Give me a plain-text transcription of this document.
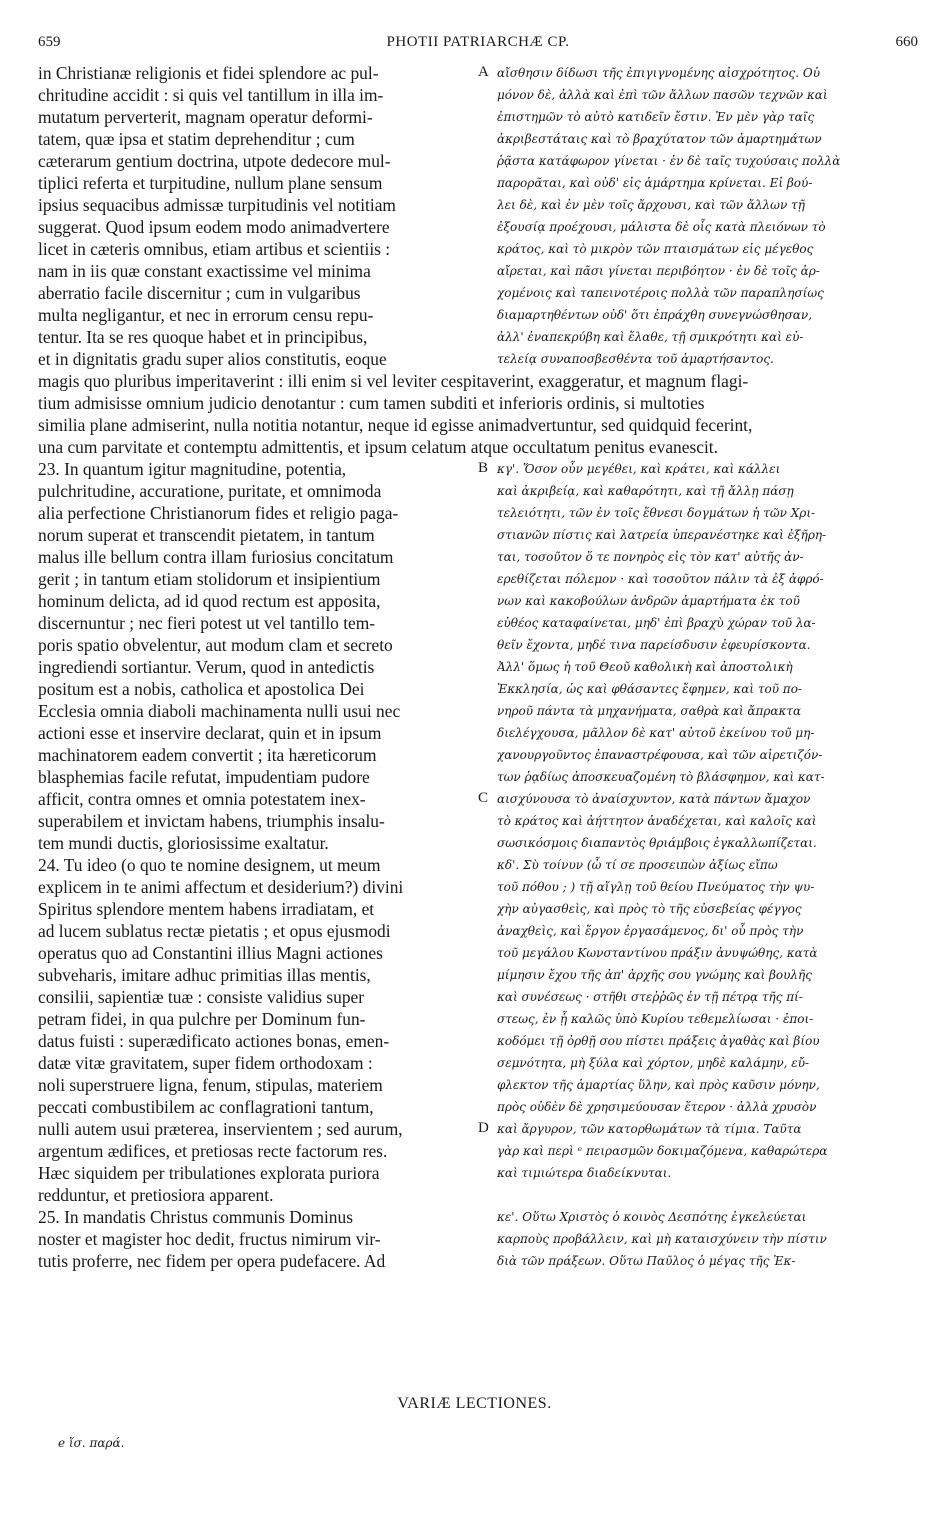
659	PHOTII PATRIARCHÆ CP.	660
in Christianæ religionis et fidei splendore ac pul-
chritudine accidit : si quis vel tantillum in illa im-
mutatum perverterit, magnam operatur deformi-
tatem, quæ ipsa et statim deprehenditur ; cum
cæterarum gentium doctrina, utpote dedecore mul-
tiplici referta et turpitudine, nullum plane sensum
ipsius sequacibus admissæ turpitudinis vel notitiam
suggerat. Quod ipsum eodem modo animadvertere
licet in cæteris omnibus, etiam artibus et scientiis :
nam in iis quæ constant exactissime vel minima
aberratio facile discernitur ; cum in vulgaribus
multa negligantur, et nec in errorum censu repu-
tentur. Ita se res quoque habet et in principibus,
et in dignitatis gradu super alios constitutis, eoque
αἴσθησιν δίδωσι τῆς ἐπιγιγνομένης αἰσχρότητος. Οὐ
μόνον δὲ, ἀλλὰ καὶ ἐπὶ τῶν ἄλλων πασῶν τεχνῶν καὶ
ἐπιστημῶν τὸ αὐτὸ κατιδεῖν ἔστιν. Ἐν μὲν γὰρ ταῖς
ἀκριβεστάταις καὶ τὸ βραχύτατον τῶν ἁμαρτημάτων
ῥᾷστα κατάφωρον γίνεται · ἐν δὲ ταῖς τυχούσαις πολλὰ
παρορᾶται, καὶ οὐδ' εἰς ἁμάρτημα κρίνεται. Εἰ βού-
λει δὲ, καὶ ἐν μὲν τοῖς ἄρχουσι, καὶ τῶν ἄλλων τῇ
ἐξουσίᾳ προέχουσι, μάλιστα δὲ οἷς κατὰ πλειόνων τὸ
κράτος, καὶ τὸ μικρὸν τῶν πταισμάτων εἰς μέγεθος
αἴρεται, καὶ πᾶσι γίνεται περιβόητον · ἐν δὲ τοῖς ἀρ-
χομένοις καὶ ταπεινοτέροις πολλὰ τῶν παραπλησίως
διαμαρτηθέντων οὐδ' ὅτι ἐπράχθη συνεγνώσθησαν,
ἀλλ' ἐναπεκρύβη καὶ ἔλαθε, τῇ σμικρότητι καὶ εὐ-
τελείᾳ συναποσβεσθέντα τοῦ ἁμαρτήσαντος.
magis quo pluribus imperitaverint : illi enim si vel leviter cespitaverint, exaggeratur, et magnum flagi-
tium admisisse omnium judicio denotantur : cum tamen subditi et inferioris ordinis, si multoties
similia plane admiserint, nulla notitia notantur, neque id egisse animadvertuntur, sed quidquid fecerint,
una cum parvitate et contemptu admittentis, et ipsum celatum atque occultatum penitus evanescit.
23. In quantum igitur magnitudine, potentia,
pulchritudine, accuratione, puritate, et omnimoda
alia perfectione Christianorum fides et religio paga-
norum superat et transcendit pietatem, in tantum
malus ille bellum contra illam furiosius concitatum
gerit ; in tantum etiam stolidorum et insipientium
hominum delicta, ad id quod rectum est apposita,
discernuntur ; nec fieri potest ut vel tantillo tem-
poris spatio obvelentur, aut modum clam et secreto
ingrediendi sortiantur. Verum, quod in antedictis
positum est a nobis, catholica et apostolica Dei
Ecclesia omnia diaboli machinamenta nulli usui nec
actioni esse et inservire declarat, quin et in ipsum
machinatorem eadem convertit ; ita hæreticorum
blasphemias facile refutat, impudentiam pudore
afficit, contra omnes et omnia potestatem inex-
superabilem et invictam habens, triumphis insalu-
tem mundi ductis, gloriosissime exaltatur.
24. Tu ideo (o quo te nomine designem, ut meum
explicem in te animi affectum et desiderium?) divini
Spiritus splendore mentem habens irradiatam, et
ad lucem sublatus rectæ pietatis ; et opus ejusmodi
operatus quo ad Constantini illius Magni actiones
subveharis, imitare adhuc primitias illas mentis,
consilii, sapientiæ tuæ : consiste validius super
petram fidei, in qua pulchre per Dominum fun-
datus fuisti : superædificato actiones bonas, emen-
datæ vitæ gravitatem, super fidem orthodoxam :
noli superstruere ligna, fenum, stipulas, materiem
peccati combustibilem ac conflagrationi tantum,
nulli autem usui præterea, inservientem ; sed aurum,
argentum ædifices, et pretiosas recte factorum res.
Hæc siquidem per tribulationes explorata puriora
redduntur, et pretiosiora apparent.
25. In mandatis Christus communis Dominus
noster et magister hoc dedit, fructus nimirum vir-
tutis proferre, nec fidem per opera pudefacere. Ad
κγ'. Ὅσον οὖν μεγέθει, καὶ κράτει, καὶ κάλλει
καὶ ἀκριβείᾳ, καὶ καθαρότητι, καὶ τῇ ἄλλῃ πάσῃ
τελειότητι, τῶν ἐν τοῖς ἔθνεσι δογμάτων ἡ τῶν Χρι-
στιανῶν πίστις καὶ λατρεία ὑπερανέστηκε καὶ ἐξῆρη-
ται, τοσοῦτον ὅ τε πονηρὸς εἰς τὸν κατ' αὐτῆς ἀν-
ερεθίζεται πόλεμον · καὶ τοσοῦτον πάλιν τὰ ἐξ ἀφρό-
νων καὶ κακοβούλων ἀνδρῶν ἁμαρτήματα ἐκ τοῦ
εὐθέος καταφαίνεται, μηδ' ἐπὶ βραχὺ χώραν τοῦ λα-
θεῖν ἔχοντα, μηδέ τινα παρείσδυσιν ἐφευρίσκοντα.
Ἀλλ' ὅμως ἡ τοῦ Θεοῦ καθολικὴ καὶ ἀποστολικὴ
Ἐκκλησία, ὡς καὶ φθάσαντες ἔφημεν, καὶ τοῦ πο-
νηροῦ πάντα τὰ μηχανήματα, σαθρὰ καὶ ἄπρακτα
διελέγχουσα, μᾶλλον δὲ κατ' αὐτοῦ ἐκείνου τοῦ μη-
χανουργοῦντος ἐπαναστρέφουσα, καὶ τῶν αἱρετιζόν-
των ῥᾳδίως ἀποσκευαζομένη τὸ βλάσφημον, καὶ κατ-
αισχύνουσα τὸ ἀναίσχυντον, κατὰ πάντων ἄμαχον
τὸ κράτος καὶ ἀήττητον ἀναδέχεται, καὶ καλοῖς καὶ
σωσικόσμοις διαπαντὸς θριάμβοις ἐγκαλλωπίζεται.
κδ'. Σὺ τοίνυν (ὦ τί σε προσειπὼν ἀξίως εἴπω
τοῦ πόθου ; ) τῇ αἴγλῃ τοῦ θείου Πνεύματος τὴν ψυ-
χὴν αὐγασθεὶς, καὶ πρὸς τὸ τῆς εὐσεβείας φέγγος
ἀναχθεὶς, καὶ ἔργον ἐργασάμενος, δι' οὗ πρὸς τὴν
τοῦ μεγάλου Κωνσταντίνου πράξιν ἀνυψώθης, κατὰ
μίμησιν ἔχου τῆς ἀπ' ἀρχῆς σου γνώμης καὶ βουλῆς
καὶ συνέσεως · στῆθι στεῤῥῶς ἐν τῇ πέτρᾳ τῆς πί-
στεως, ἐν ᾗ καλῶς ὑπὸ Κυρίου τεθεμελίωσαι · ἐποι-
κοδόμει τῇ ὀρθῇ σου πίστει πράξεις ἀγαθὰς καὶ βίου
σεμνότητα, μὴ ξύλα καὶ χόρτον, μηδὲ καλάμην, εὔ-
φλεκτον τῆς ἁμαρτίας ὕλην, καὶ πρὸς καῦσιν μόνην,
πρὸς οὐδὲν δὲ χρησιμεύουσαν ἕτερον · ἀλλὰ χρυσὸν
καὶ ἄργυρον, τῶν κατορθωμάτων τὰ τίμια. Ταῦτα
γὰρ καὶ περὶ ᵉ πειρασμῶν δοκιμαζόμενα, καθαρώτερα
καὶ τιμιώτερα διαδείκνυται.
κε'. Οὕτω Χριστὸς ὁ κοινὸς Δεσπότης ἐγκελεύεται
καρποὺς προβάλλειν, καὶ μὴ καταισχύνειν τὴν πίστιν
διὰ τῶν πράξεων. Οὕτω Παῦλος ὁ μέγας τῆς Ἐκ-
A
B
C
D
VARIÆ LECTIONES.
e ἴσ. παρά.
